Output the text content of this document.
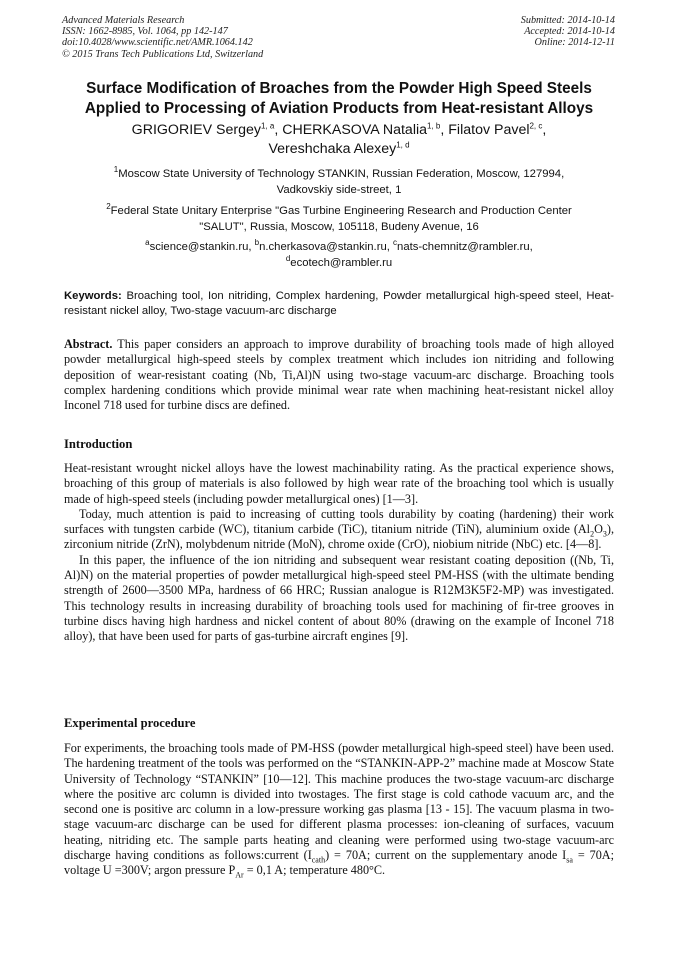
Advanced Materials Research
ISSN: 1662-8985, Vol. 1064, pp 142-147
doi:10.4028/www.scientific.net/AMR.1064.142
© 2015 Trans Tech Publications Ltd, Switzerland
Submitted: 2014-10-14
Accepted: 2014-10-14
Online: 2014-12-11
Surface Modification of Broaches from the Powder High Speed Steels
Applied to Processing of Aviation Products from Heat-resistant Alloys
GRIGORIEV Sergey$^{1, a}$, CHERKASOVA Natalia$^{1, b}$, Filatov Pavel$^{2, c}$,
Vereshchaka Alexey$^{1, d}$
$^1$Moscow State University of Technology STANKIN, Russian Federation, Moscow, 127994,
Vadkovskiy side-street, 1
$^2$Federal State Unitary Enterprise "Gas Turbine Engineering Research and Production Center
"SALUT", Russia, Moscow, 105118, Budeny Avenue, 16
$^a$science@stankin.ru, $^b$n.cherkasova@stankin.ru, $^c$nats-chemnitz@rambler.ru,
$^d$ecotech@rambler.ru
Keywords: Broaching tool, Ion nitriding, Complex hardening, Powder metallurgical high-speed steel, Heat-resistant nickel alloy, Two-stage vacuum-arc discharge
Abstract. This paper considers an approach to improve durability of broaching tools made of high alloyed powder metallurgical high-speed steels by complex treatment which includes ion nitriding and following deposition of wear-resistant coating (Nb, Ti,Al)N using two-stage vacuum-arc discharge. Broaching tools complex hardening conditions which provide minimal wear rate when machining heat-resistant nickel alloy Inconel 718 used for turbine discs are defined.
Introduction

Heat-resistant wrought nickel alloys have the lowest machinability rating. As the practical experience shows, broaching of this group of materials is also followed by high wear rate of the broaching tool which is usually made of high-speed steels (including powder metallurgical ones) [1—3].

Today, much attention is paid to increasing of cutting tools durability by coating (hardening) their work surfaces with tungsten carbide (WC), titanium carbide (TiC), titanium nitride (TiN), aluminium oxide $(Al_2O_3)$, zirconium nitride (ZrN), molybdenum nitride (MoN), chrome oxide (CrO), niobium nitride (NbC) etc. [4—8].

In this paper, the influence of the ion nitriding and subsequent wear resistant coating deposition ((Nb, Ti, Al)N) on the material properties of powder metallurgical high-speed steel PM-HSS (with the ultimate bending strength of 2600—3500 MPa, hardness of 66 HRC; Russian analogue is R12M3K5F2-MP) was investigated. This technology results in increasing durability of broaching tools used for machining of fir-tree grooves in turbine discs having high hardness and nickel content of about 80% (drawing on the example of Inconel 718 alloy), that have been used for parts of gas-turbine aircraft engines [9].

Experimental procedure

For experiments, the broaching tools made of PM-HSS (powder metallurgical high-speed steel) have been used. The hardening treatment of the tools was performed on the “STANKIN-APP-2” machine made at Moscow State University of Technology “STANKIN” [10—12]. This machine produces the two-stage vacuum-arc discharge where the positive arc column is divided into twostages. The first stage is cold cathode vacuum arc, and the second one is positive arc column in a low-pressure working gas plasma [13 - 15]. The vacuum plasma in two-stage vacuum-arc discharge can be used for different plasma processes: ion-cleaning of surfaces, vacuum heating, nitriding etc. The sample parts heating and cleaning were performed using two-stage vacuum-arc discharge having conditions as follows:current $(I_{cath}) = 70A$; current on the supplementary anode $I_{sa} = 70A$; voltage U =300V; argon pressure $P_{Ar} = 0,1$ A; temperature 480°C.
